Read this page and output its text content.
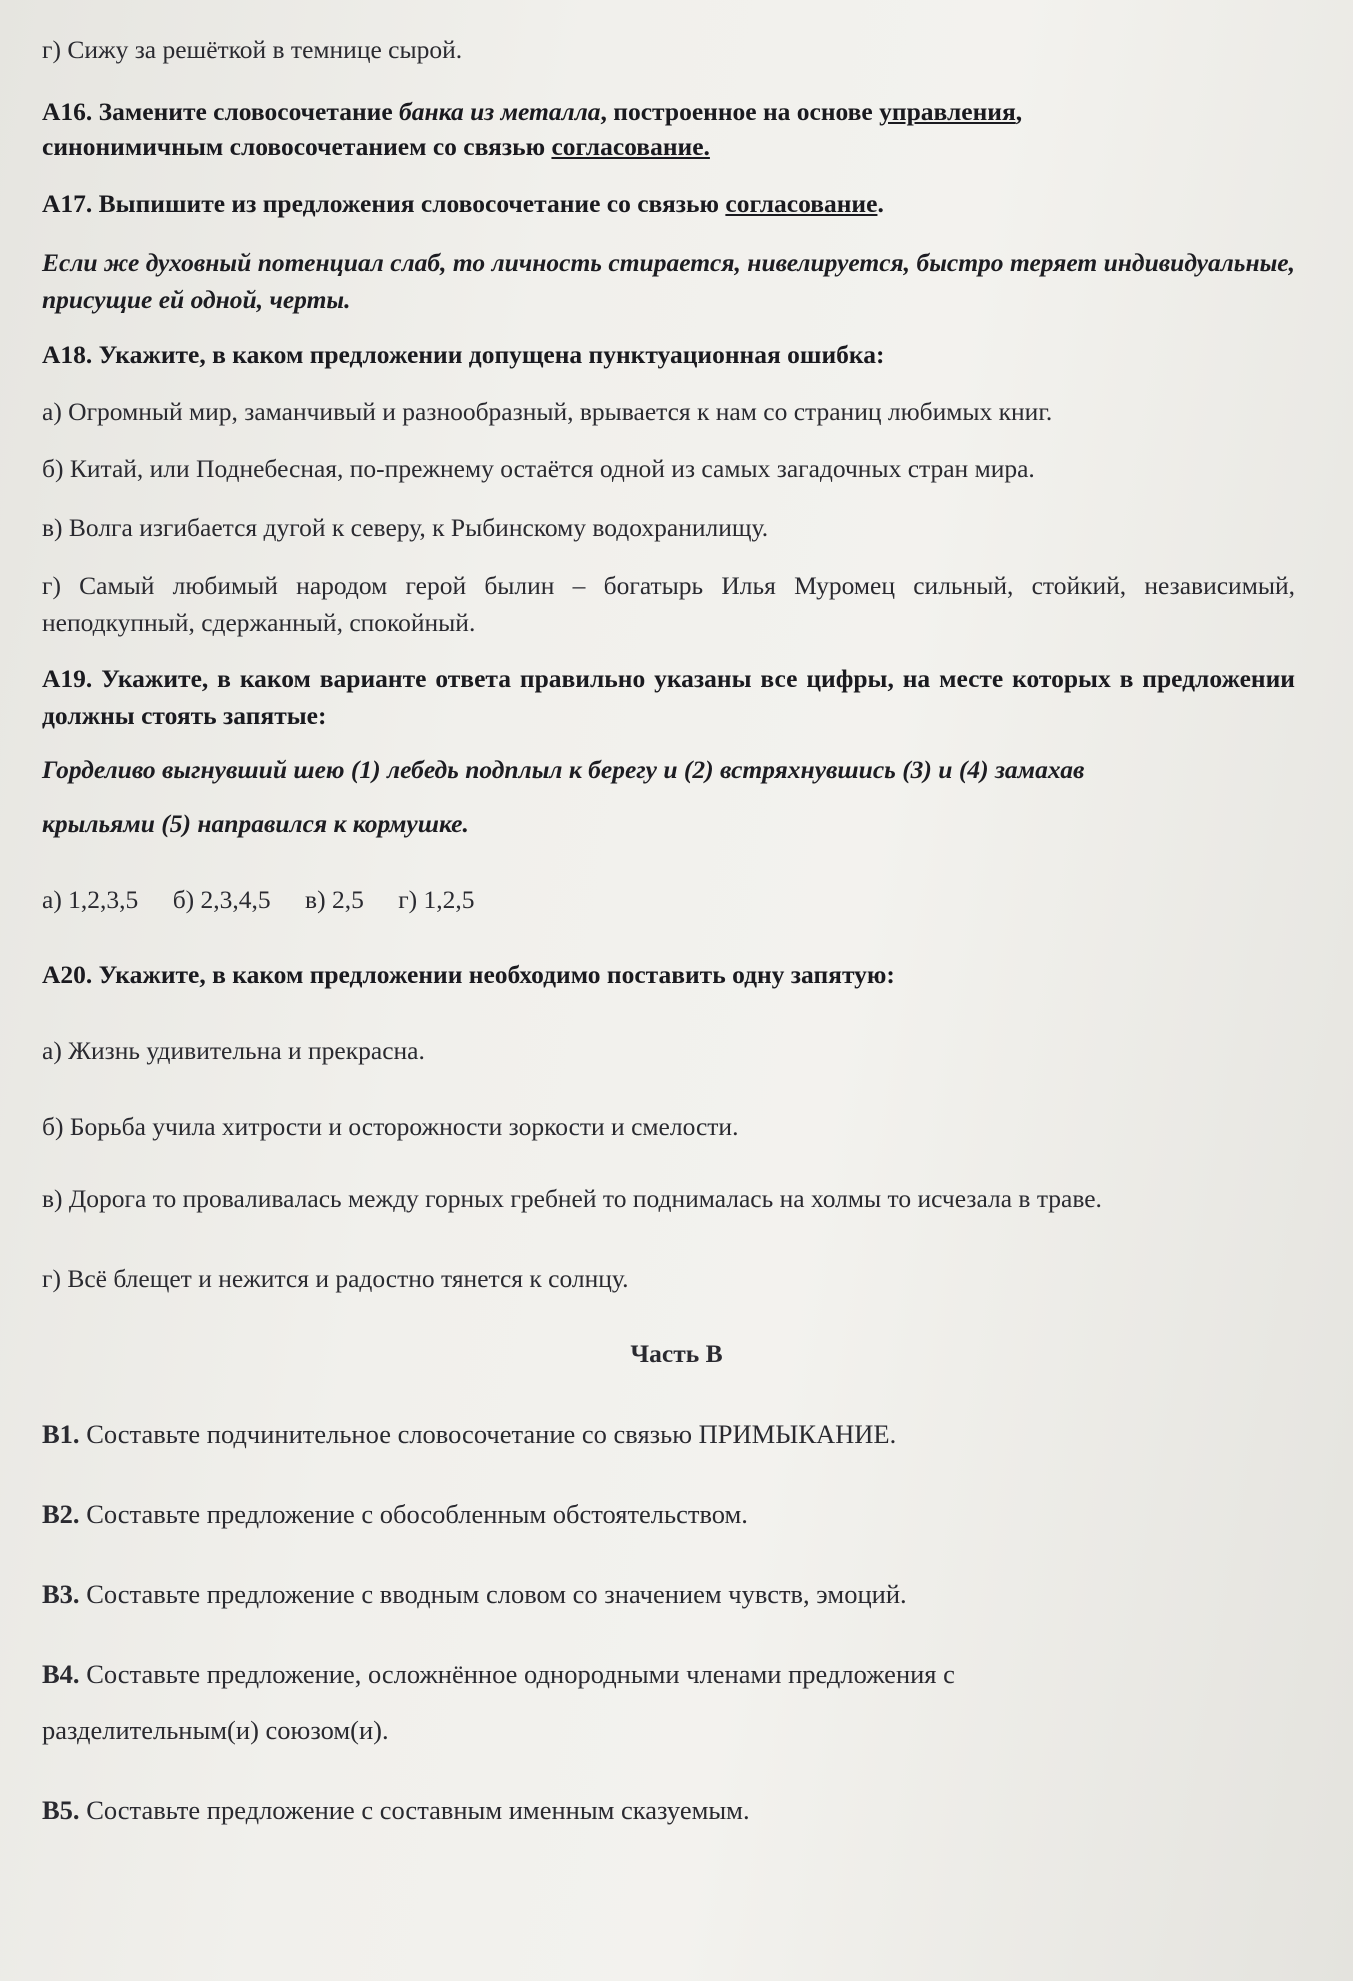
г) Сижу за решёткой в темнице сырой.
А16. Замените словосочетание банка из металла, построенное на основе управления,
синонимичным словосочетанием со связью согласование.
А17. Выпишите из предложения словосочетание со связью согласование.
Если же духовный потенциал слаб, то личность стирается, нивелируется, быстро теряет индивидуальные, присущие ей одной, черты.
А18. Укажите, в каком предложении допущена пунктуационная ошибка:
а) Огромный мир, заманчивый и разнообразный, врывается к нам со страниц любимых книг.
б) Китай, или Поднебесная, по-прежнему остаётся одной из самых загадочных стран мира.
в) Волга изгибается дугой к северу, к Рыбинскому водохранилищу.
г) Самый любимый народом герой былин – богатырь Илья Муромец сильный, стойкий, независимый, неподкупный, сдержанный, спокойный.
А19. Укажите, в каком варианте ответа правильно указаны все цифры, на месте которых в предложении должны стоять запятые:
Горделиво выгнувший шею (1) лебедь подплыл к берегу и (2) встряхнувшись (3) и (4) замахав
крыльями (5) направился к кормушке.
а) 1,2,3,5 б) 2,3,4,5 в) 2,5 г) 1,2,5
А20. Укажите, в каком предложении необходимо поставить одну запятую:
а) Жизнь удивительна и прекрасна.
б) Борьба учила хитрости и осторожности зоркости и смелости.
в) Дорога то проваливалась между горных гребней то поднималась на холмы то исчезала в траве.
г) Всё блещет и нежится и радостно тянется к солнцу.
Часть В
В1. Составьте подчинительное словосочетание со связью ПРИМЫКАНИЕ.
В2. Составьте предложение с обособленным обстоятельством.
В3. Составьте предложение с вводным словом со значением чувств, эмоций.
В4. Составьте предложение, осложнённое однородными членами предложения с
разделительным(и) союзом(и).
В5. Составьте предложение с составным именным сказуемым.
